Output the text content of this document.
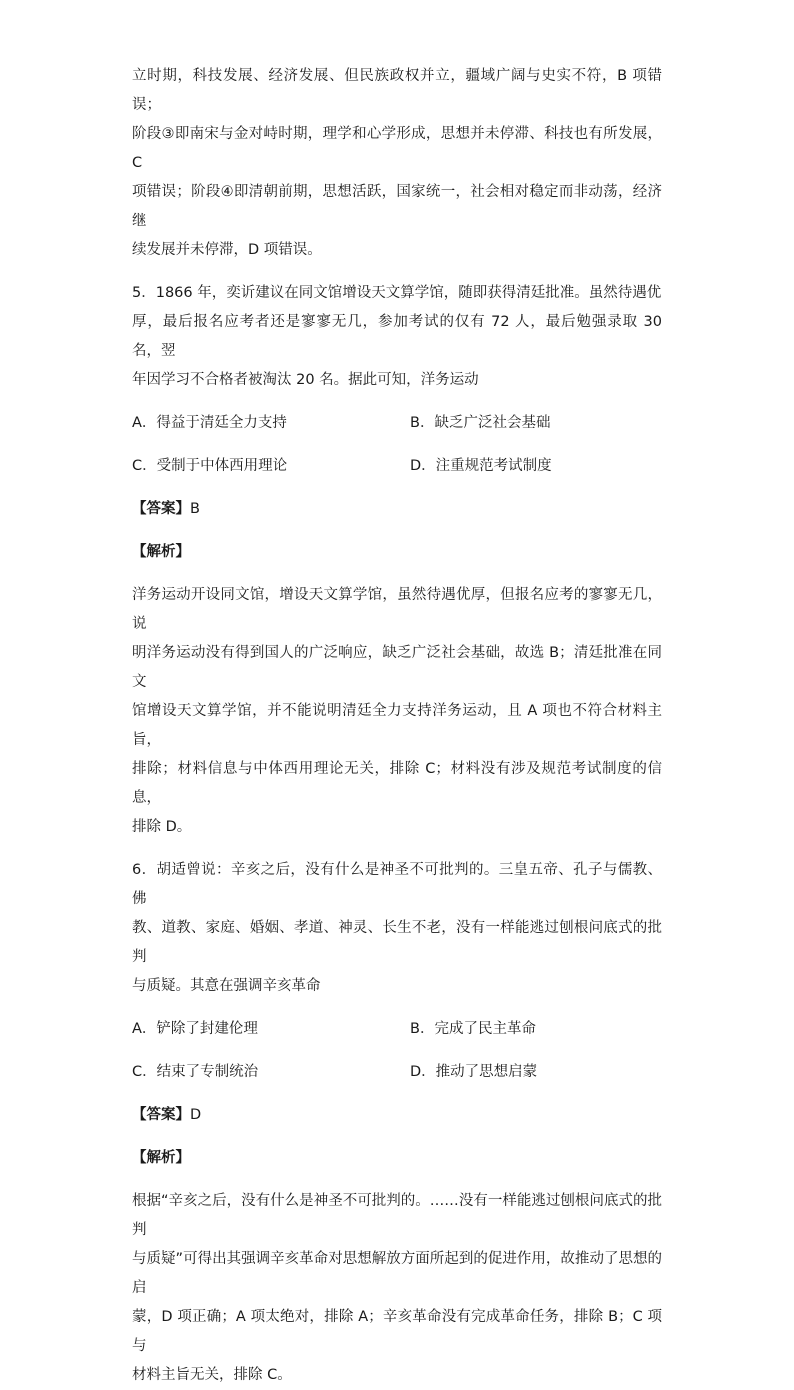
立时期，科技发展、经济发展、但民族政权并立，疆域广阔与史实不符，B 项错误；

阶段③即南宋与金对峙时期，理学和心学形成，思想并未停滞、科技也有所发展，C

项错误；阶段④即清朝前期，思想活跃，国家统一，社会相对稳定而非动荡，经济继

续发展并未停滞，D 项错误。

5．1866 年，奕䜣建议在同文馆增设天文算学馆，随即获得清廷批准。虽然待遇优

厚，最后报名应考者还是寥寥无几，参加考试的仅有 72 人，最后勉强录取 30 名，翌

年因学习不合格者被淘汰 20 名。据此可知，洋务运动

A．得益于清廷全力支持	B．缺乏广泛社会基础
C．受制于中体西用理论	D．注重规范考试制度

【答案】B

【解析】

洋务运动开设同文馆，增设天文算学馆，虽然待遇优厚，但报名应考的寥寥无几，说

明洋务运动没有得到国人的广泛响应，缺乏广泛社会基础，故选 B；清廷批准在同文

馆增设天文算学馆，并不能说明清廷全力支持洋务运动，且 A 项也不符合材料主旨，

排除；材料信息与中体西用理论无关，排除 C；材料没有涉及规范考试制度的信息，

排除 D。

6．胡适曾说：辛亥之后，没有什么是神圣不可批判的。三皇五帝、孔子与儒教、佛

教、道教、家庭、婚姻、孝道、神灵、长生不老，没有一样能逃过刨根问底式的批判

与质疑。其意在强调辛亥革命

A．铲除了封建伦理	B．完成了民主革命
C．结束了专制统治	D．推动了思想启蒙

【答案】D

【解析】

根据“辛亥之后，没有什么是神圣不可批判的。……没有一样能逃过刨根问底式的批判

与质疑”可得出其强调辛亥革命对思想解放方面所起到的促进作用，故推动了思想的启

蒙，D 项正确；A 项太绝对，排除 A；辛亥革命没有完成革命任务，排除 B；C 项与

材料主旨无关，排除 C。
